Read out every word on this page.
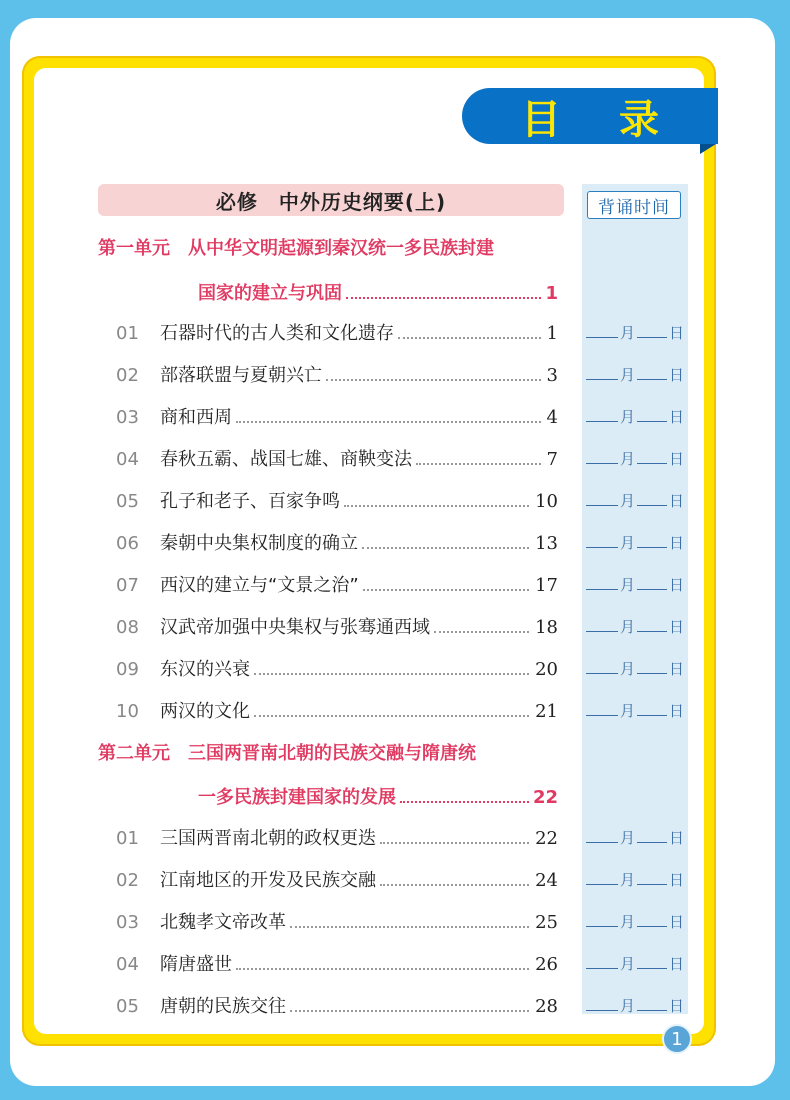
目 录
背诵时间
必修　中外历史纲要(上)
第一单元　从中华文明起源到秦汉统一多民族封建
国家的建立与巩固	1
01	石器时代的古人类和文化遗存	1	月 日
02	部落联盟与夏朝兴亡	3	月 日
03	商和西周	4	月 日
04	春秋五霸、战国七雄、商鞅变法	7	月 日
05	孔子和老子、百家争鸣	10	月 日
06	秦朝中央集权制度的确立	13	月 日
07	西汉的建立与“文景之治”	17	月 日
08	汉武帝加强中央集权与张骞通西域	18	月 日
09	东汉的兴衰	20	月 日
10	两汉的文化	21	月 日
第二单元　三国两晋南北朝的民族交融与隋唐统
一多民族封建国家的发展	22
01	三国两晋南北朝的政权更迭	22	月 日
02	江南地区的开发及民族交融	24	月 日
03	北魏孝文帝改革	25	月 日
04	隋唐盛世	26	月 日
05	唐朝的民族交往	28	月 日
1
